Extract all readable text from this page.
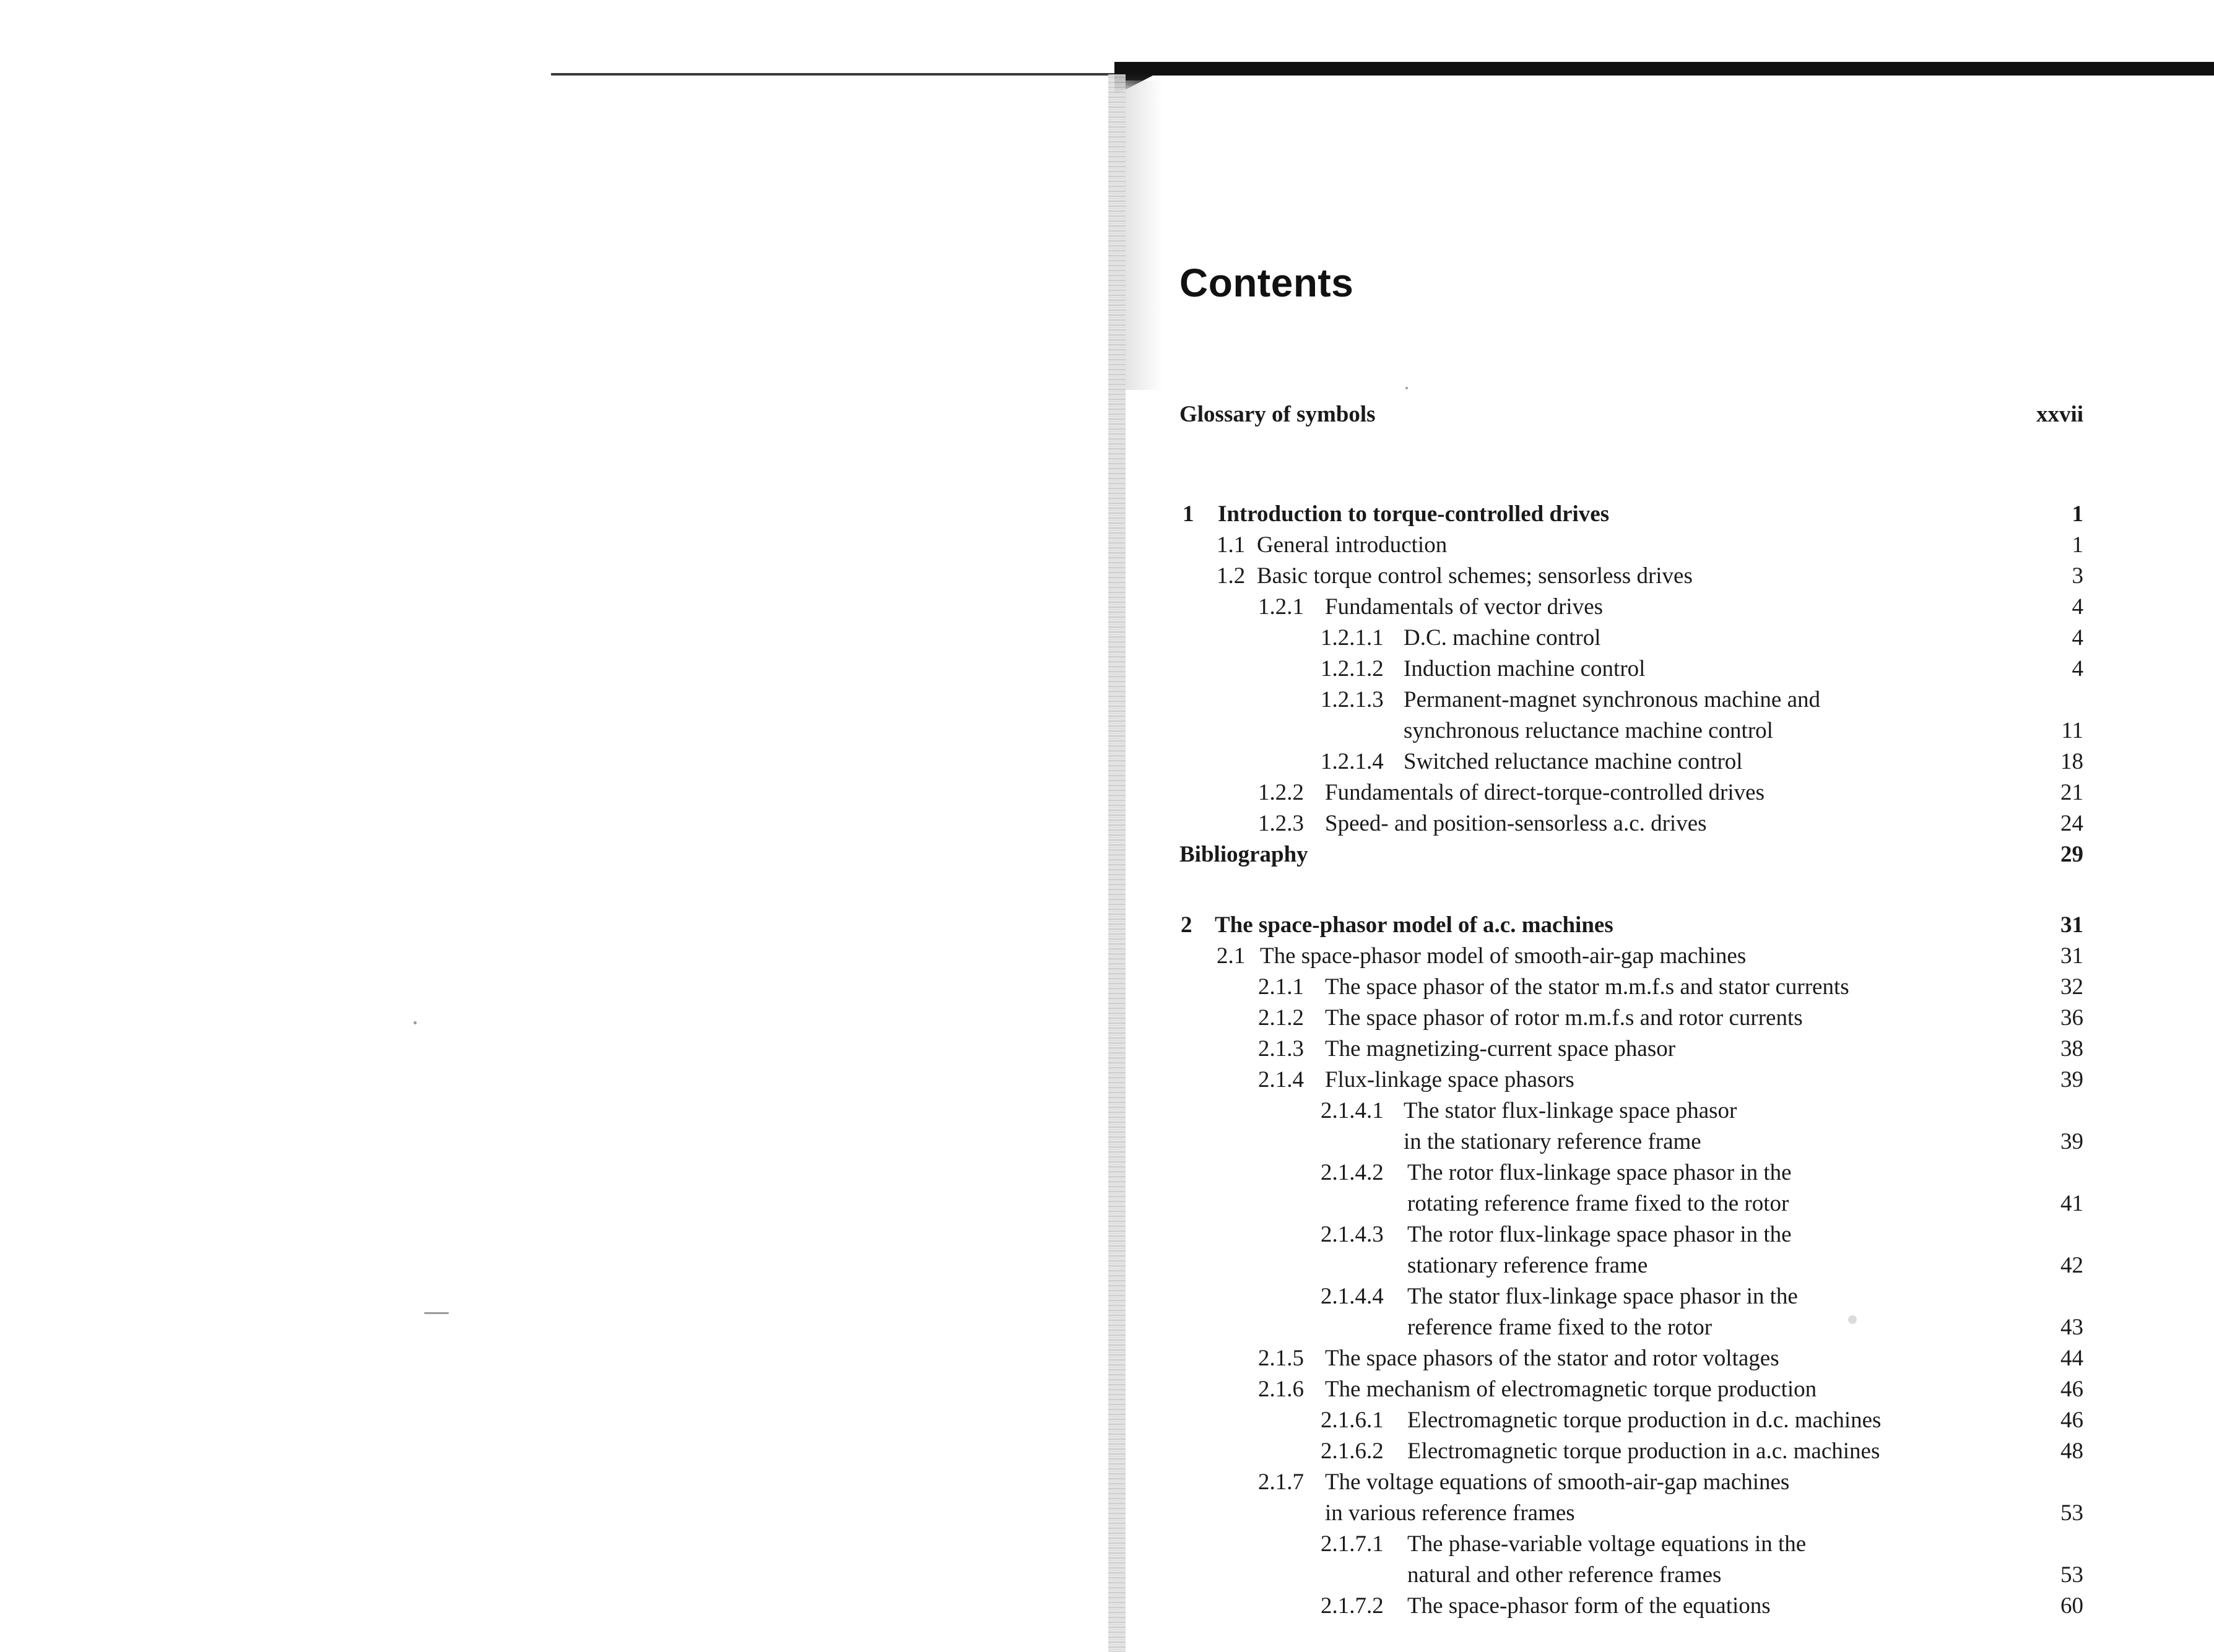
Contents
Glossary of symbols	xxvii
1 Introduction to torque-controlled drives	1
1.1 General introduction	1
1.2 Basic torque control schemes; sensorless drives	3
1.2.1 Fundamentals of vector drives	4
1.2.1.1 D.C. machine control	4
1.2.1.2 Induction machine control	4
1.2.1.3 Permanent-magnet synchronous machine and
synchronous reluctance machine control	11
1.2.1.4 Switched reluctance machine control	18
1.2.2 Fundamentals of direct-torque-controlled drives	21
1.2.3 Speed- and position-sensorless a.c. drives	24
Bibliography	29
2 The space-phasor model of a.c. machines	31
2.1 The space-phasor model of smooth-air-gap machines	31
2.1.1 The space phasor of the stator m.m.f.s and stator currents	32
2.1.2 The space phasor of rotor m.m.f.s and rotor currents	36
2.1.3 The magnetizing-current space phasor	38
2.1.4 Flux-linkage space phasors	39
2.1.4.1 The stator flux-linkage space phasor
in the stationary reference frame	39
2.1.4.2 The rotor flux-linkage space phasor in the
rotating reference frame fixed to the rotor	41
2.1.4.3 The rotor flux-linkage space phasor in the
stationary reference frame	42
2.1.4.4 The stator flux-linkage space phasor in the
reference frame fixed to the rotor	43
2.1.5 The space phasors of the stator and rotor voltages	44
2.1.6 The mechanism of electromagnetic torque production	46
2.1.6.1 Electromagnetic torque production in d.c. machines	46
2.1.6.2 Electromagnetic torque production in a.c. machines	48
2.1.7 The voltage equations of smooth-air-gap machines
in various reference frames	53
2.1.7.1 The phase-variable voltage equations in the
natural and other reference frames	53
2.1.7.2 The space-phasor form of the equations	60
